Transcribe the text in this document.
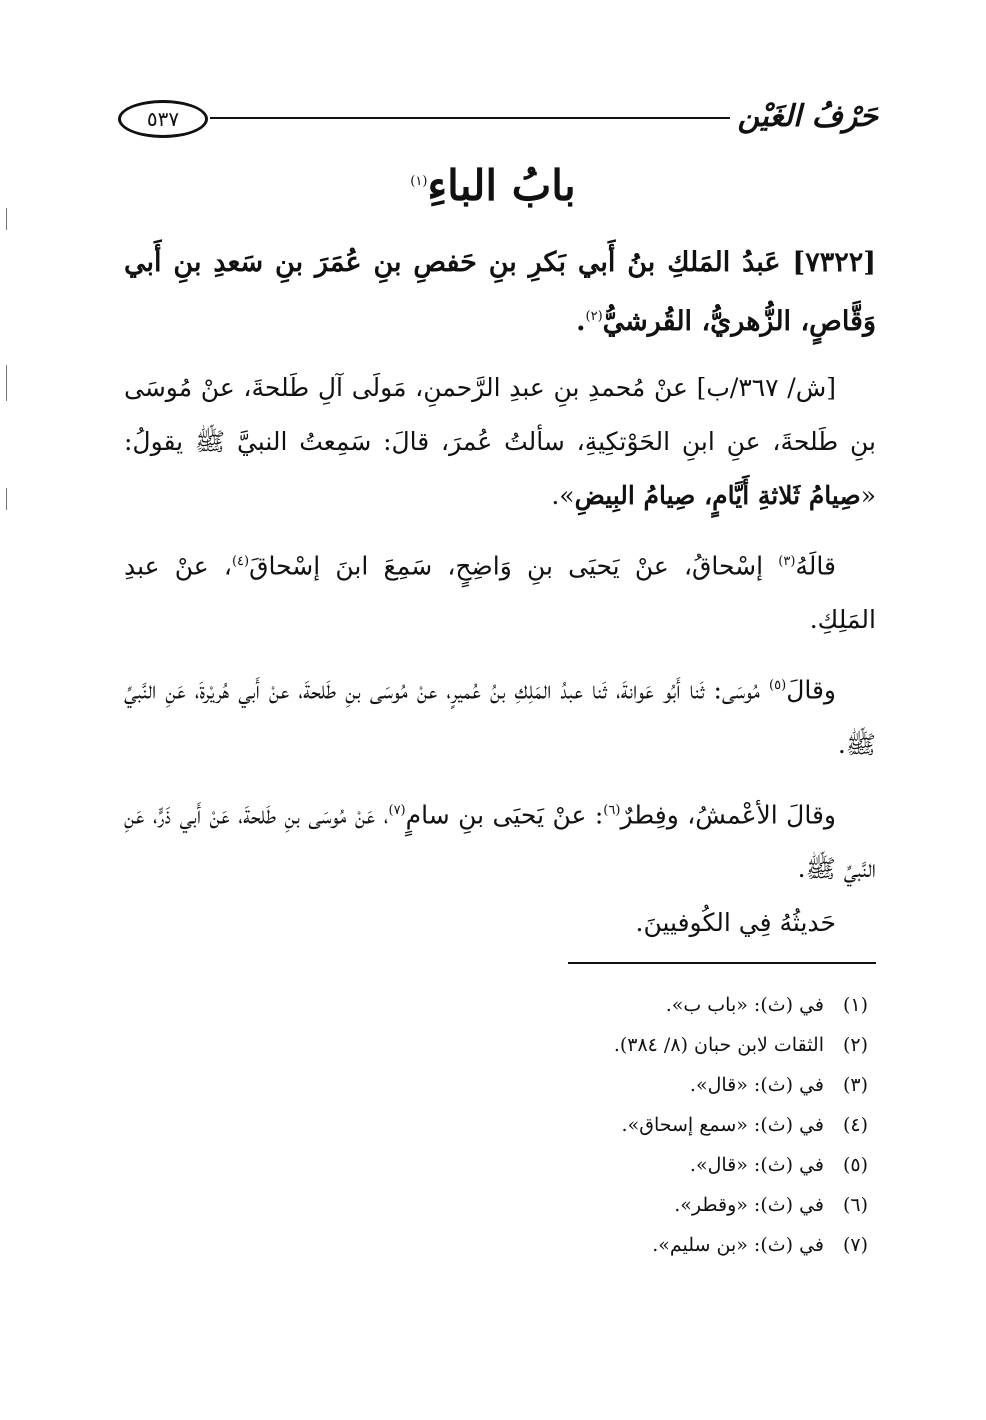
٥٣٧	حَرْفُ الغَيْن
بابُ الباءِ$^{(١)}$

[٧٣٢٢] عَبدُ المَلكِ بنُ أَبي بَكرِ بنِ حَفصِ بنِ عُمَرَ بنِ سَعدِ بنِ أَبي وَقَّاصٍ، الزُّهريُّ، القُرشيُّ$^{(٢)}$.

[ش/ ٣٦٧/ب] عنْ مُحمدِ بنِ عبدِ الرَّحمنِ، مَولَى آلِ طَلحةَ، عنْ مُوسَى بنِ طَلحةَ، عنِ ابنِ الحَوْتكِيةِ، سألتُ عُمرَ، قالَ: سَمِعتُ النبيَّ ﷺ يقولُ: «صِيامُ ثَلاثةِ أَيَّامٍ، صِيامُ البِيضِ».

قالَهُ$^{(٣)}$ إسْحاقُ، عنْ يَحيَى بنِ وَاضِحٍ، سَمِعَ ابنَ إسْحاقَ$^{(٤)}$، عنْ عبدِ المَلِكِ.

وقالَ$^{(٥)}$ مُوسَى: ثَنا أَبُو عَوانةَ، ثَنا عبدُ المَلِكِ بنُ عُميرٍ، عنْ مُوسَى بنِ طَلحةَ، عنْ أَبي هُريْرةَ، عَنِ النَّبيِّ ﷺ.

وقالَ الأعْمشُ، وفِطرٌ$^{(٦)}$: عنْ يَحيَى بنِ سامٍ$^{(٧)}$، عَنْ مُوسَى بنِ طَلحةَ، عَنْ أَبي ذَرٍّ، عَنِ النَّبيِّ ﷺ.

حَديثُهُ فِي الكُوفيينَ.

(١)في (ث): «باب ب».
(٢)الثقات لابن حبان (٨/ ٣٨٤).
(٣)في (ث): «قال».
(٤)في (ث): «سمع إسحاق».
(٥)في (ث): «قال».
(٦)في (ث): «وقطر».
(٧)في (ث): «بن سليم».
